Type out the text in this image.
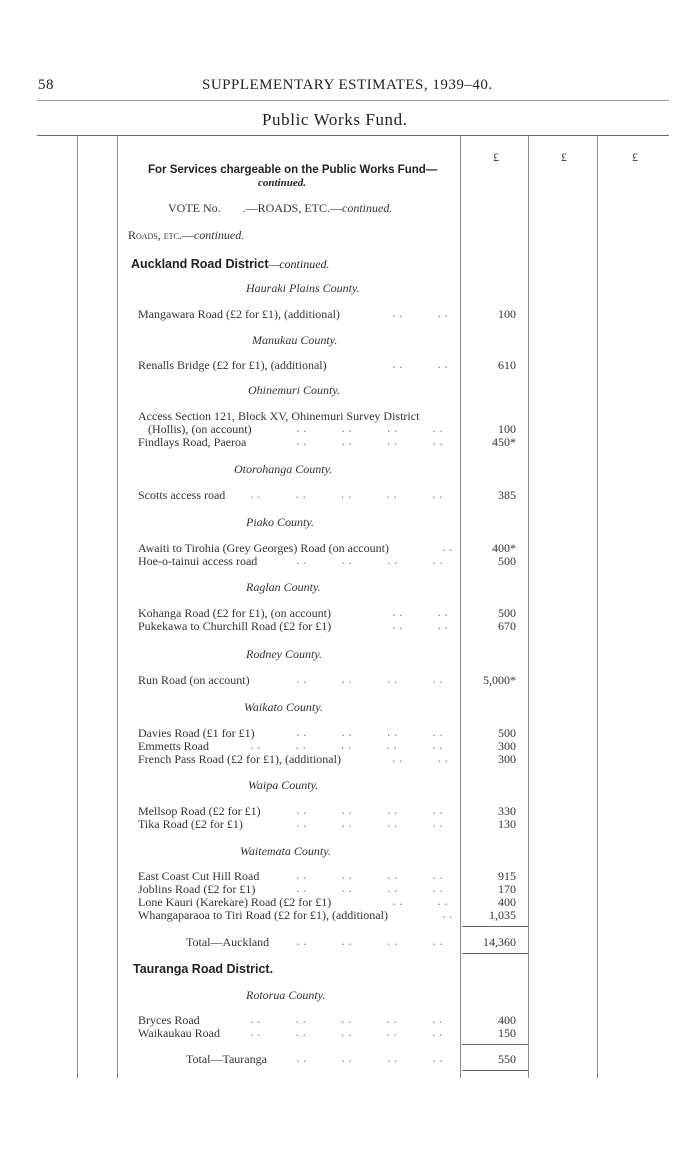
58	SUPPLEMENTARY ESTIMATES, 1939–40.
Public Works Fund.
£	£	£
For Services chargeable on the Public Works Fund—
continued.
VOTE No. .—ROADS, ETC.—continued.
Roads, etc.—continued.
Auckland Road District—continued.
Hauraki Plains County.
Mangawara Road (£2 for £1), (additional)	. .          . .	100
Manukau County.
Renalls Bridge (£2 for £1), (additional)	. .          . .	610
Ohinemuri County.
Access Section 121, Block XV, Ohinemuri Survey District
(Hollis), (on account)	. .          . .          . .          . .	100
Findlays Road, Paeroa	. .          . .          . .          . .	450*
Otorohanga County.
Scotts access road . .          . .          . .          . .          . .	385
Piako County.
Awaiti to Tirohia (Grey Georges) Road (on account)	. .	400*
Hoe-o-tainui access road	. .          . .          . .          . .	500
Raglan County.
Kohanga Road (£2 for £1), (on account)	. .          . .	500
Pukekawa to Churchill Road (£2 for £1)	. .          . .	670
Rodney County.
Run Road (on account)	. .          . .          . .          . .	5,000*
Waikato County.
Davies Road (£1 for £1)	. .          . .          . .          . .	500
Emmetts Road	. .          . .          . .          . .          . .	300
French Pass Road (£2 for £1), (additional)	. .          . .	300
Waipa County.
Mellsop Road (£2 for £1)	. .          . .          . .          . .	330
Tika Road (£2 for £1)	. .          . .          . .          . .	130
Waitemata County.
East Coast Cut Hill Road	. .          . .          . .          . .	915
Joblins Road (£2 for £1)	. .          . .          . .          . .	170
Lone Kauri (Karekare) Road (£2 for £1)	. .          . .	400
Whangaparaoa to Tiri Road (£2 for £1), (additional)	. .	1,035
Total—Auckland . .          . .          . .          . .	14,360
Tauranga Road District.
Rotorua County.
Bryces Road	. .          . .          . .          . .          . .	400
Waikaukau Road	. .          . .          . .          . .          . .	150
Total—Tauranga	. .          . .          . .          . .	550
